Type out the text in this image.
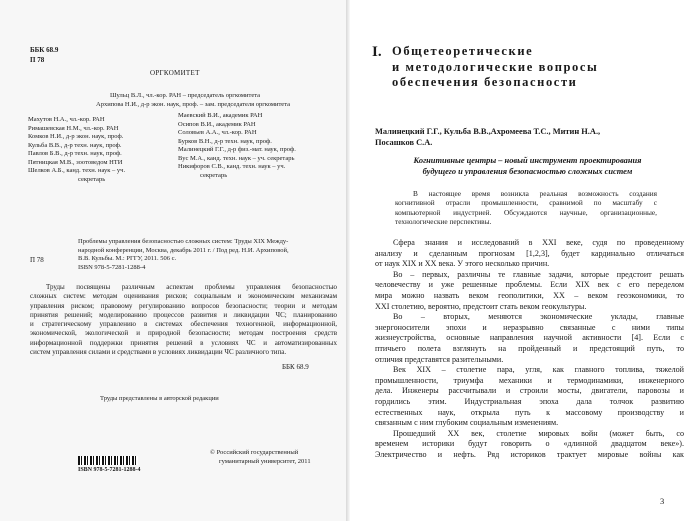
ББК 68.9
П 78
ОРГКОМИТЕТ
Шульц В.Л., чл.-кор. РАН – председатель оргкомитета
Архипова Н.И., д-р экон. наук, проф. – зам. председателя оргкомитета
Махутов Н.А., чл.-кор. РАН
Римашевская Н.М., чл.-кор. РАН
Комков Н.И., д-р экон. наук, проф.
Кульба В.В., д-р техн. наук, проф.
Павлов Б.В., д-р техн. наук, проф.
Пятницкая М.В., зоотоведом НТИ
Шелков А.Б., канд. техн. наук – уч.
секретарь
Маевский В.И., академик РАН
Осипов В.И., академик РАН
Соловьев А.А., чл.-кор. РАН
Бурков В.Н., д-р техн. наук, проф.
Малинецкий Г.Г., д-р физ.-мат. наук, проф.
Вус М.А., канд. техн. наук – уч. секретарь
Никифоров С.В., канд. техн. наук – уч.
секретарь
П 78
Проблемы управления безопасностью сложных систем: Труды XIX Между-
народной конференции, Москва, декабрь 2011 г. / Под ред. Н.И. Архиповой,
В.В. Кульбы. М.: РГГУ, 2011. 506 с.
ISBN 978-5-7281-1288-4
Труды посвящены различным аспектам проблемы управления безопасностью
сложных систем: методам оценивания рисков; социальным и экономическим механизмам
управления риском; правовому регулированию вопросов безопасности; теории и методам
принятия решений; моделированию процессов развития и ликвидации ЧС; планированию
и стратегическому управлению в системах обеспечения техногенной, информационной,
экономической, экологической и природной безопасности; методам построения средств
информационной поддержки принятия решений в условиях ЧС и автоматизированных
систем управления силами и средствами в условиях ликвидации ЧС различного типа.
ББК 68.9
Труды представлены в авторской редакции
ISBN 978-5-7281-1288-4
© Российский государственный
гуманитарный университет, 2011
I. Общетеоретические
и методологические вопросы
обеспечения безопасности
Малинецкий Г.Г., Кульба В.В.,Ахромеева Т.С., Митин Н.А.,
Посашков С.А.
Когнитивные центры – новый инструмент проектирования
будущего и управления безопасностью сложных систем
В настоящее время возникла реальная возможность создания
когнитивной отрасли промышленности, сравнимой по масштабу с
компьютерной индустрией. Обсуждаются научные, организационные,
технологические перспективы.
Сфера знания и исследований в XXI веке, судя по проведенному
анализу и сделанным прогнозам [1,2,3], будет кардинально отличаться
от наук XIX и XX века. У этого несколько причин.
Во – первых, различны те главные задачи, которые предстоит решать
человечеству и уже решенные проблемы. Если XIX век с его переделом
мира можно назвать веком геополитики, XX – веком геоэкономики, то
XXI столетию, вероятно, предстоит стать веком геокультуры.
Во – вторых, меняются экономические уклады, главные
энергоносители эпохи и неразрывно связанные с ними типы
жизнеустройства, основные направления научной активности [4]. Если с
птичьего полета взглянуть на пройденный и предстоящий путь, то
отличия представятся разительными.
Век XIX – столетие пара, угля, как главного топлива, тяжелой
промышленности, триумфа механики и термодинамики, инженерного
дела. Инженеры рассчитывали и строили мосты, двигатели, паровозы и
гордились этим. Индустриальная эпоха дала толчок развитию
естественных наук, открыла путь к массовому производству и
связанным с ним глубоким социальным изменениям.
Прошедший XX век, столетие мировых войн (может быть, со
временем историки будут говорить о «длинной двадцатом веке»).
Электричество и нефть. Ряд историков трактует мировые войны как
3
